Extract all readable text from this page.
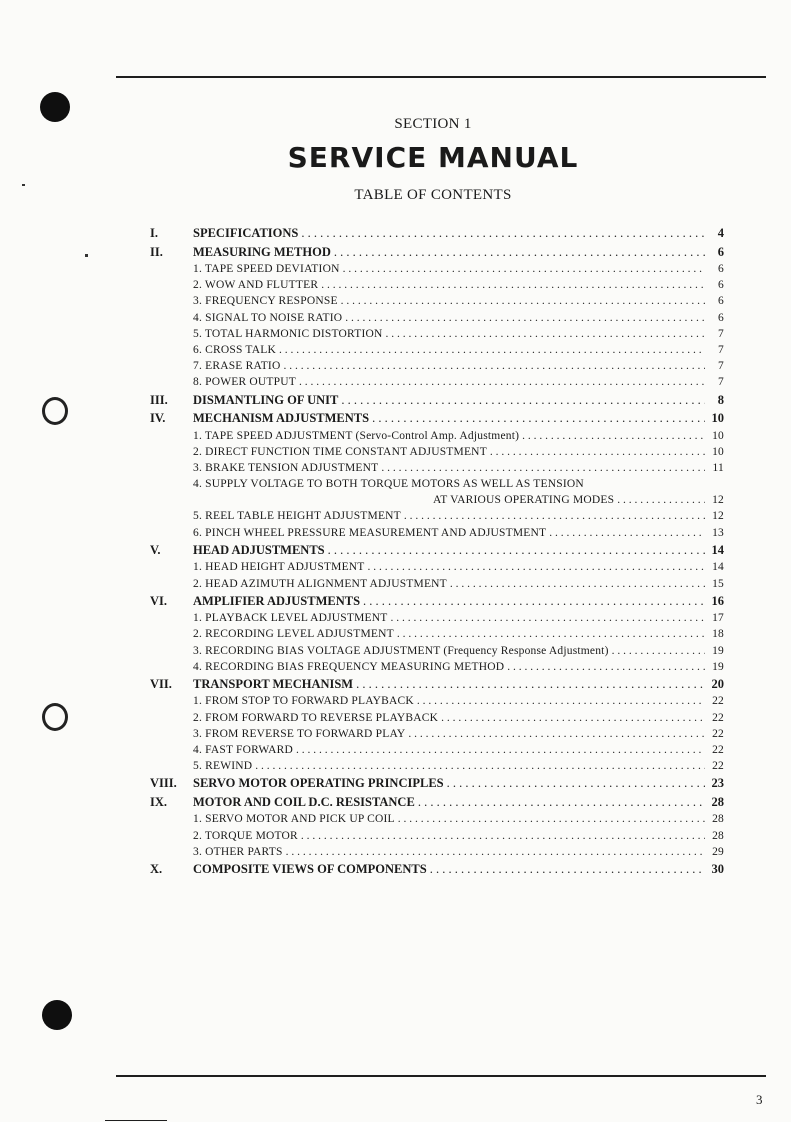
SECTION 1
SERVICE MANUAL
TABLE OF CONTENTS
I.	SPECIFICATIONS . . .	4
II.	MEASURING METHOD . . .	6
1. TAPE SPEED DEVIATION . . .	6
2. WOW AND FLUTTER . . .	6
3. FREQUENCY RESPONSE . . .	6
4. SIGNAL TO NOISE RATIO . . .	6
5. TOTAL HARMONIC DISTORTION . . .	7
6. CROSS TALK . . .	7
7. ERASE RATIO . . .	7
8. POWER OUTPUT . . .	7
III.	DISMANTLING OF UNIT . . .	8
IV.	MECHANISM ADJUSTMENTS . . .	10
1. TAPE SPEED ADJUSTMENT (Servo-Control Amp. Adjustment) . . .	10
2. DIRECT FUNCTION TIME CONSTANT ADJUSTMENT . . .	10
3. BRAKE TENSION ADJUSTMENT . . .	11
4. SUPPLY VOLTAGE TO BOTH TORQUE MOTORS AS WELL AS TENSION
AT VARIOUS OPERATING MODES . . .	12
5. REEL TABLE HEIGHT ADJUSTMENT . . .	12
6. PINCH WHEEL PRESSURE MEASUREMENT AND ADJUSTMENT . . .	13
V.	HEAD ADJUSTMENTS . . .	14
1. HEAD HEIGHT ADJUSTMENT . . .	14
2. HEAD AZIMUTH ALIGNMENT ADJUSTMENT . . .	15
VI.	AMPLIFIER ADJUSTMENTS . . .	16
1. PLAYBACK LEVEL ADJUSTMENT . . .	17
2. RECORDING LEVEL ADJUSTMENT . . .	18
3. RECORDING BIAS VOLTAGE ADJUSTMENT (Frequency Response Adjustment) . . .	19
4. RECORDING BIAS FREQUENCY MEASURING METHOD . . .	19
VII.	TRANSPORT MECHANISM . . .	20
1. FROM STOP TO FORWARD PLAYBACK . . .	22
2. FROM FORWARD TO REVERSE PLAYBACK . . .	22
3. FROM REVERSE TO FORWARD PLAY . . .	22
4. FAST FORWARD . . .	22
5. REWIND . . .	22
VIII.	SERVO MOTOR OPERATING PRINCIPLES . . .	23
IX.	MOTOR AND COIL D.C. RESISTANCE . . .	28
1. SERVO MOTOR AND PICK UP COIL . . .	28
2. TORQUE MOTOR . . .	28
3. OTHER PARTS . . .	29
X.	COMPOSITE VIEWS OF COMPONENTS . . .	30
3
